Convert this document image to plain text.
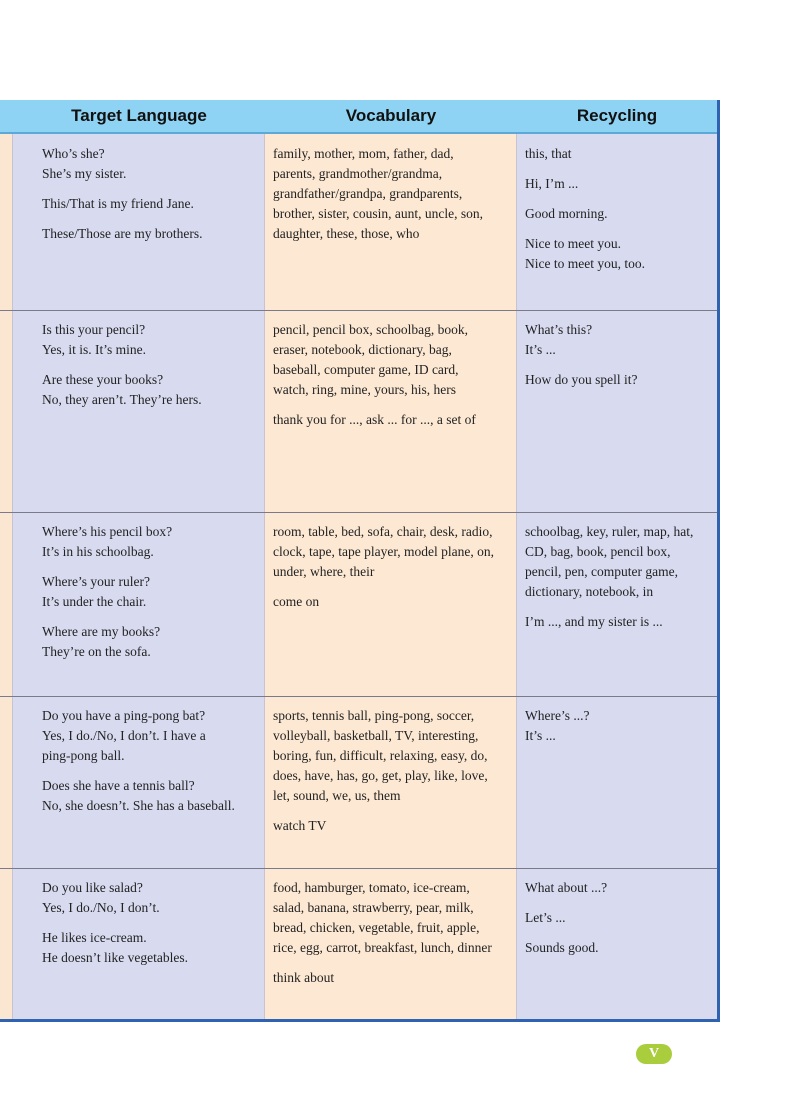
Target Language	Vocabulary	Recycling
Who’s she?
She’s my sister.
This/That is my friend Jane.
These/Those are my brothers.
family, mother, mom, father, dad,
parents, grandmother/grandma,
grandfather/grandpa, grandparents,
brother, sister, cousin, aunt, uncle, son,
daughter, these, those, who
this, that
Hi, I’m ...
Good morning.
Nice to meet you.
Nice to meet you, too.
Is this your pencil?
Yes, it is. It’s mine.
Are these your books?
No, they aren’t. They’re hers.
pencil, pencil box, schoolbag, book,
eraser, notebook, dictionary, bag,
baseball, computer game, ID card,
watch, ring, mine, yours, his, hers
thank you for ..., ask ... for ..., a set of
What’s this?
It’s ...
How do you spell it?
Where’s his pencil box?
It’s in his schoolbag.
Where’s your ruler?
It’s under the chair.
Where are my books?
They’re on the sofa.
room, table, bed, sofa, chair, desk, radio,
clock, tape, tape player, model plane, on,
under, where, their
come on
schoolbag, key, ruler, map, hat,
CD, bag, book, pencil box,
pencil, pen, computer game,
dictionary, notebook, in
I’m ..., and my sister is ...
Do you have a ping-pong bat?
Yes, I do./No, I don’t. I have a
ping-pong ball.
Does she have a tennis ball?
No, she doesn’t. She has a baseball.
sports, tennis ball, ping-pong, soccer,
volleyball, basketball, TV, interesting,
boring, fun, difficult, relaxing, easy, do,
does, have, has, go, get, play, like, love,
let, sound, we, us, them
watch TV
Where’s ...?
It’s ...
Do you like salad?
Yes, I do./No, I don’t.
He likes ice-cream.
He doesn’t like vegetables.
food, hamburger, tomato, ice-cream,
salad, banana, strawberry, pear, milk,
bread, chicken, vegetable, fruit, apple,
rice, egg, carrot, breakfast, lunch, dinner
think about
What about ...?
Let’s ...
Sounds good.
V
